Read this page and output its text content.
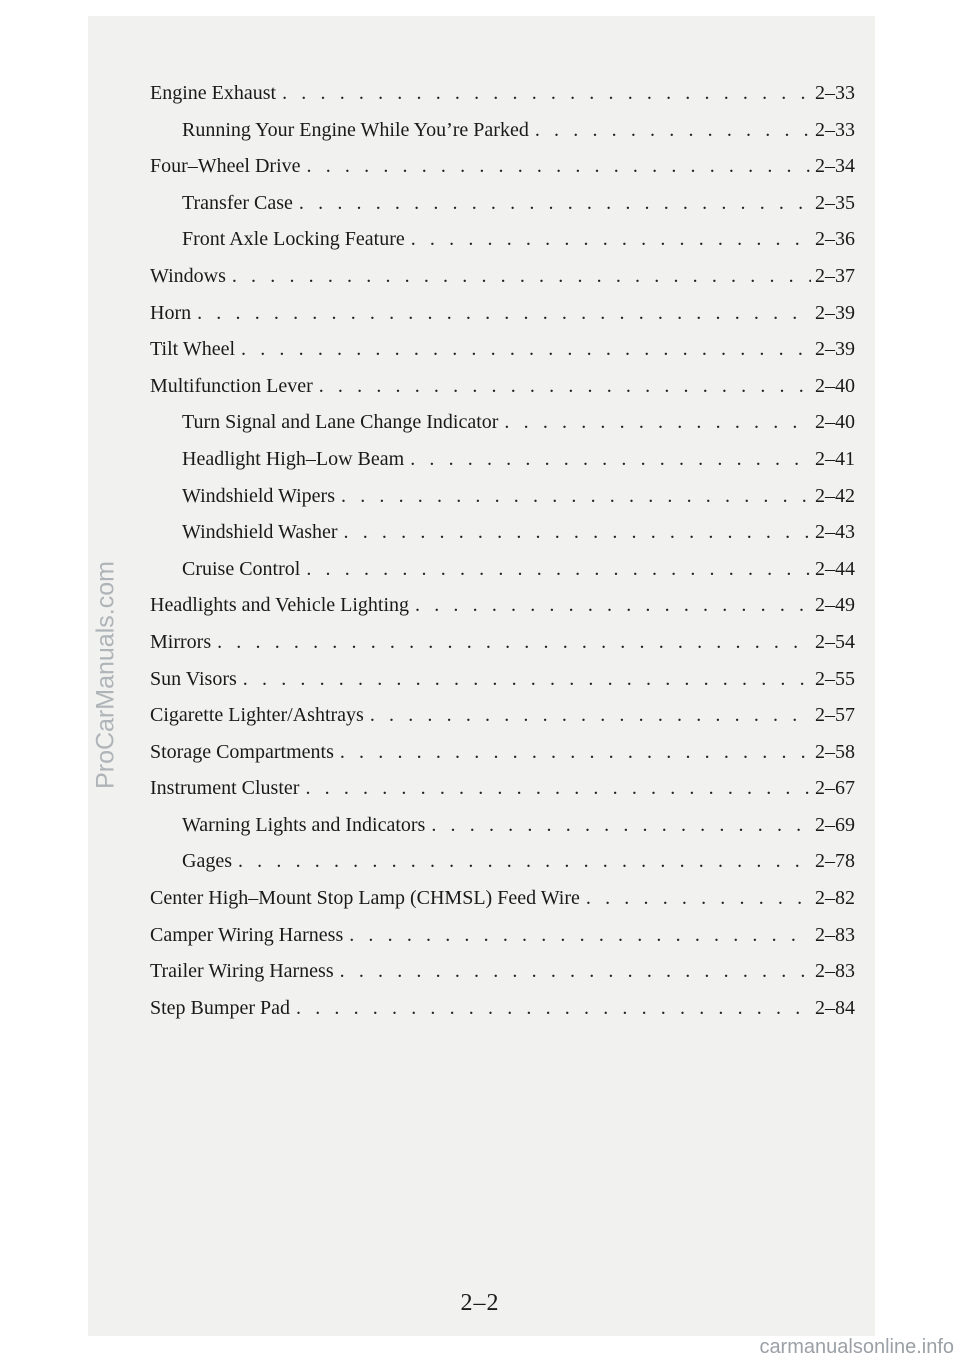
Engine Exhaust . . .	2–33
Running Your Engine While You’re Parked . . .	2–33
Four–Wheel Drive . . .	2–34
Transfer Case . . .	2–35
Front Axle Locking Feature . . .	2–36
Windows . . .	2–37
Horn . . .	2–39
Tilt Wheel . . .	2–39
Multifunction Lever . . .	2–40
Turn Signal and Lane Change Indicator . . .	2–40
Headlight High–Low Beam . . .	2–41
Windshield Wipers . . .	2–42
Windshield Washer . . .	2–43
Cruise Control . . .	2–44
Headlights and Vehicle Lighting . . .	2–49
Mirrors . . .	2–54
Sun Visors . . .	2–55
Cigarette Lighter/Ashtrays . . .	2–57
Storage Compartments . . .	2–58
Instrument Cluster . . .	2–67
Warning Lights and Indicators . . .	2–69
Gages . . .	2–78
Center High–Mount Stop Lamp (CHMSL) Feed Wire . . .	2–82
Camper Wiring Harness . . .	2–83
Trailer Wiring Harness . . .	2–83
Step Bumper Pad . . .	2–84
2–2
ProCarManuals.com
carmanualsonline.info
